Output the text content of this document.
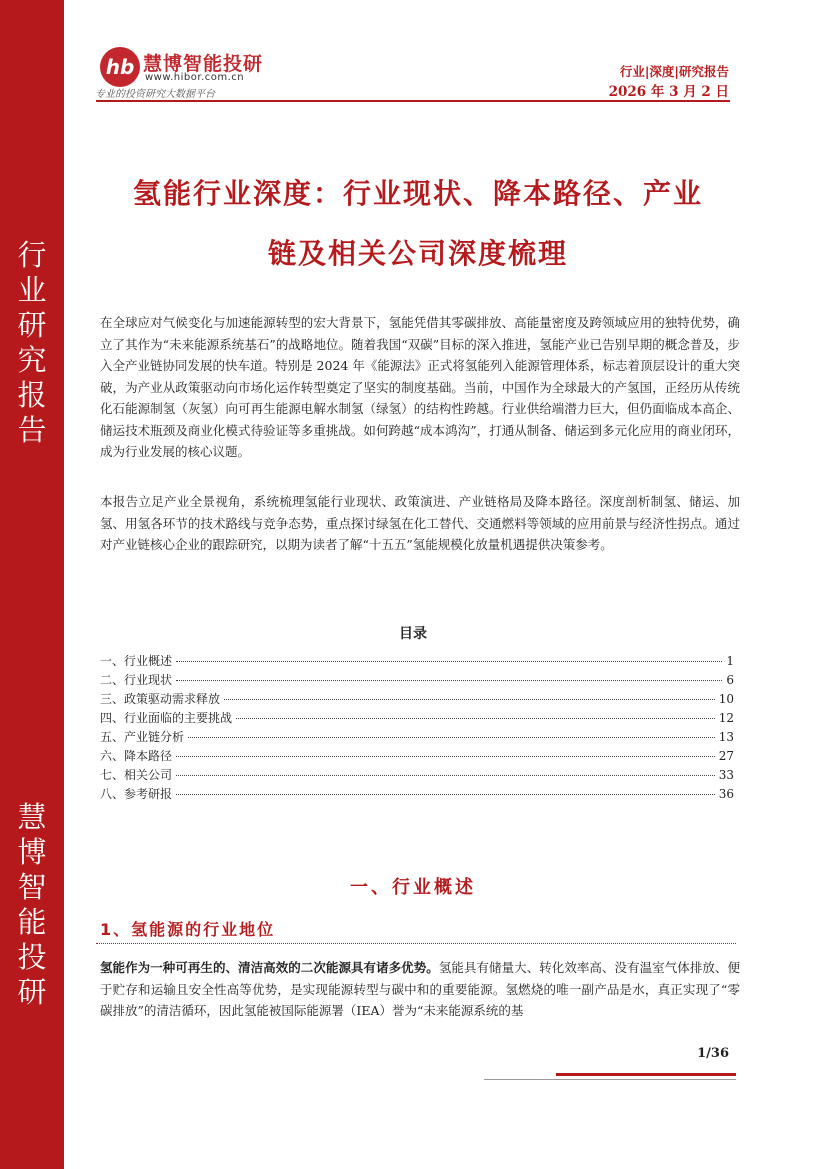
行
业
研
究
报
告
慧
博
智
能
投
研
hb 慧博智能投研
www.hibor.com.cn
专业的投资研究大数据平台
行业|深度|研究报告
2026 年 3 月 2 日
氢能行业深度：行业现状、降本路径、产业
链及相关公司深度梳理

在全球应对气候变化与加速能源转型的宏大背景下，氢能凭借其零碳排放、高能量密度及跨领域应用的独特优势，确立了其作为“未来能源系统基石”的战略地位。随着我国“双碳”目标的深入推进，氢能产业已告别早期的概念普及，步入全产业链协同发展的快车道。特别是 2024 年《能源法》正式将氢能列入能源管理体系，标志着顶层设计的重大突破，为产业从政策驱动向市场化运作转型奠定了坚实的制度基础。当前，中国作为全球最大的产氢国，正经历从传统化石能源制氢（灰氢）向可再生能源电解水制氢（绿氢）的结构性跨越。行业供给端潜力巨大，但仍面临成本高企、储运技术瓶颈及商业化模式待验证等多重挑战。如何跨越“成本鸿沟”，打通从制备、储运到多元化应用的商业闭环，成为行业发展的核心议题。

本报告立足产业全景视角，系统梳理氢能行业现状、政策演进、产业链格局及降本路径。深度剖析制氢、储运、加氢、用氢各环节的技术路线与竞争态势，重点探讨绿氢在化工替代、交通燃料等领域的应用前景与经济性拐点。通过对产业链核心企业的跟踪研究，以期为读者了解“十五五”氢能规模化放量机遇提供决策参考。

目录
一、行业概述	1
二、行业现状	6
三、政策驱动需求释放	10
四、行业面临的主要挑战	12
五、产业链分析	13
六、降本路径	27
七、相关公司	33
八、参考研报	36
一、行业概述
1、氢能源的行业地位

氢能作为一种可再生的、清洁高效的二次能源具有诸多优势。氢能具有储量大、转化效率高、没有温室气体排放、便于贮存和运输且安全性高等优势，是实现能源转型与碳中和的重要能源。氢燃烧的唯一副产品是水，真正实现了“零碳排放”的清洁循环，因此氢能被国际能源署（IEA）誉为“未来能源系统的基

1/36
